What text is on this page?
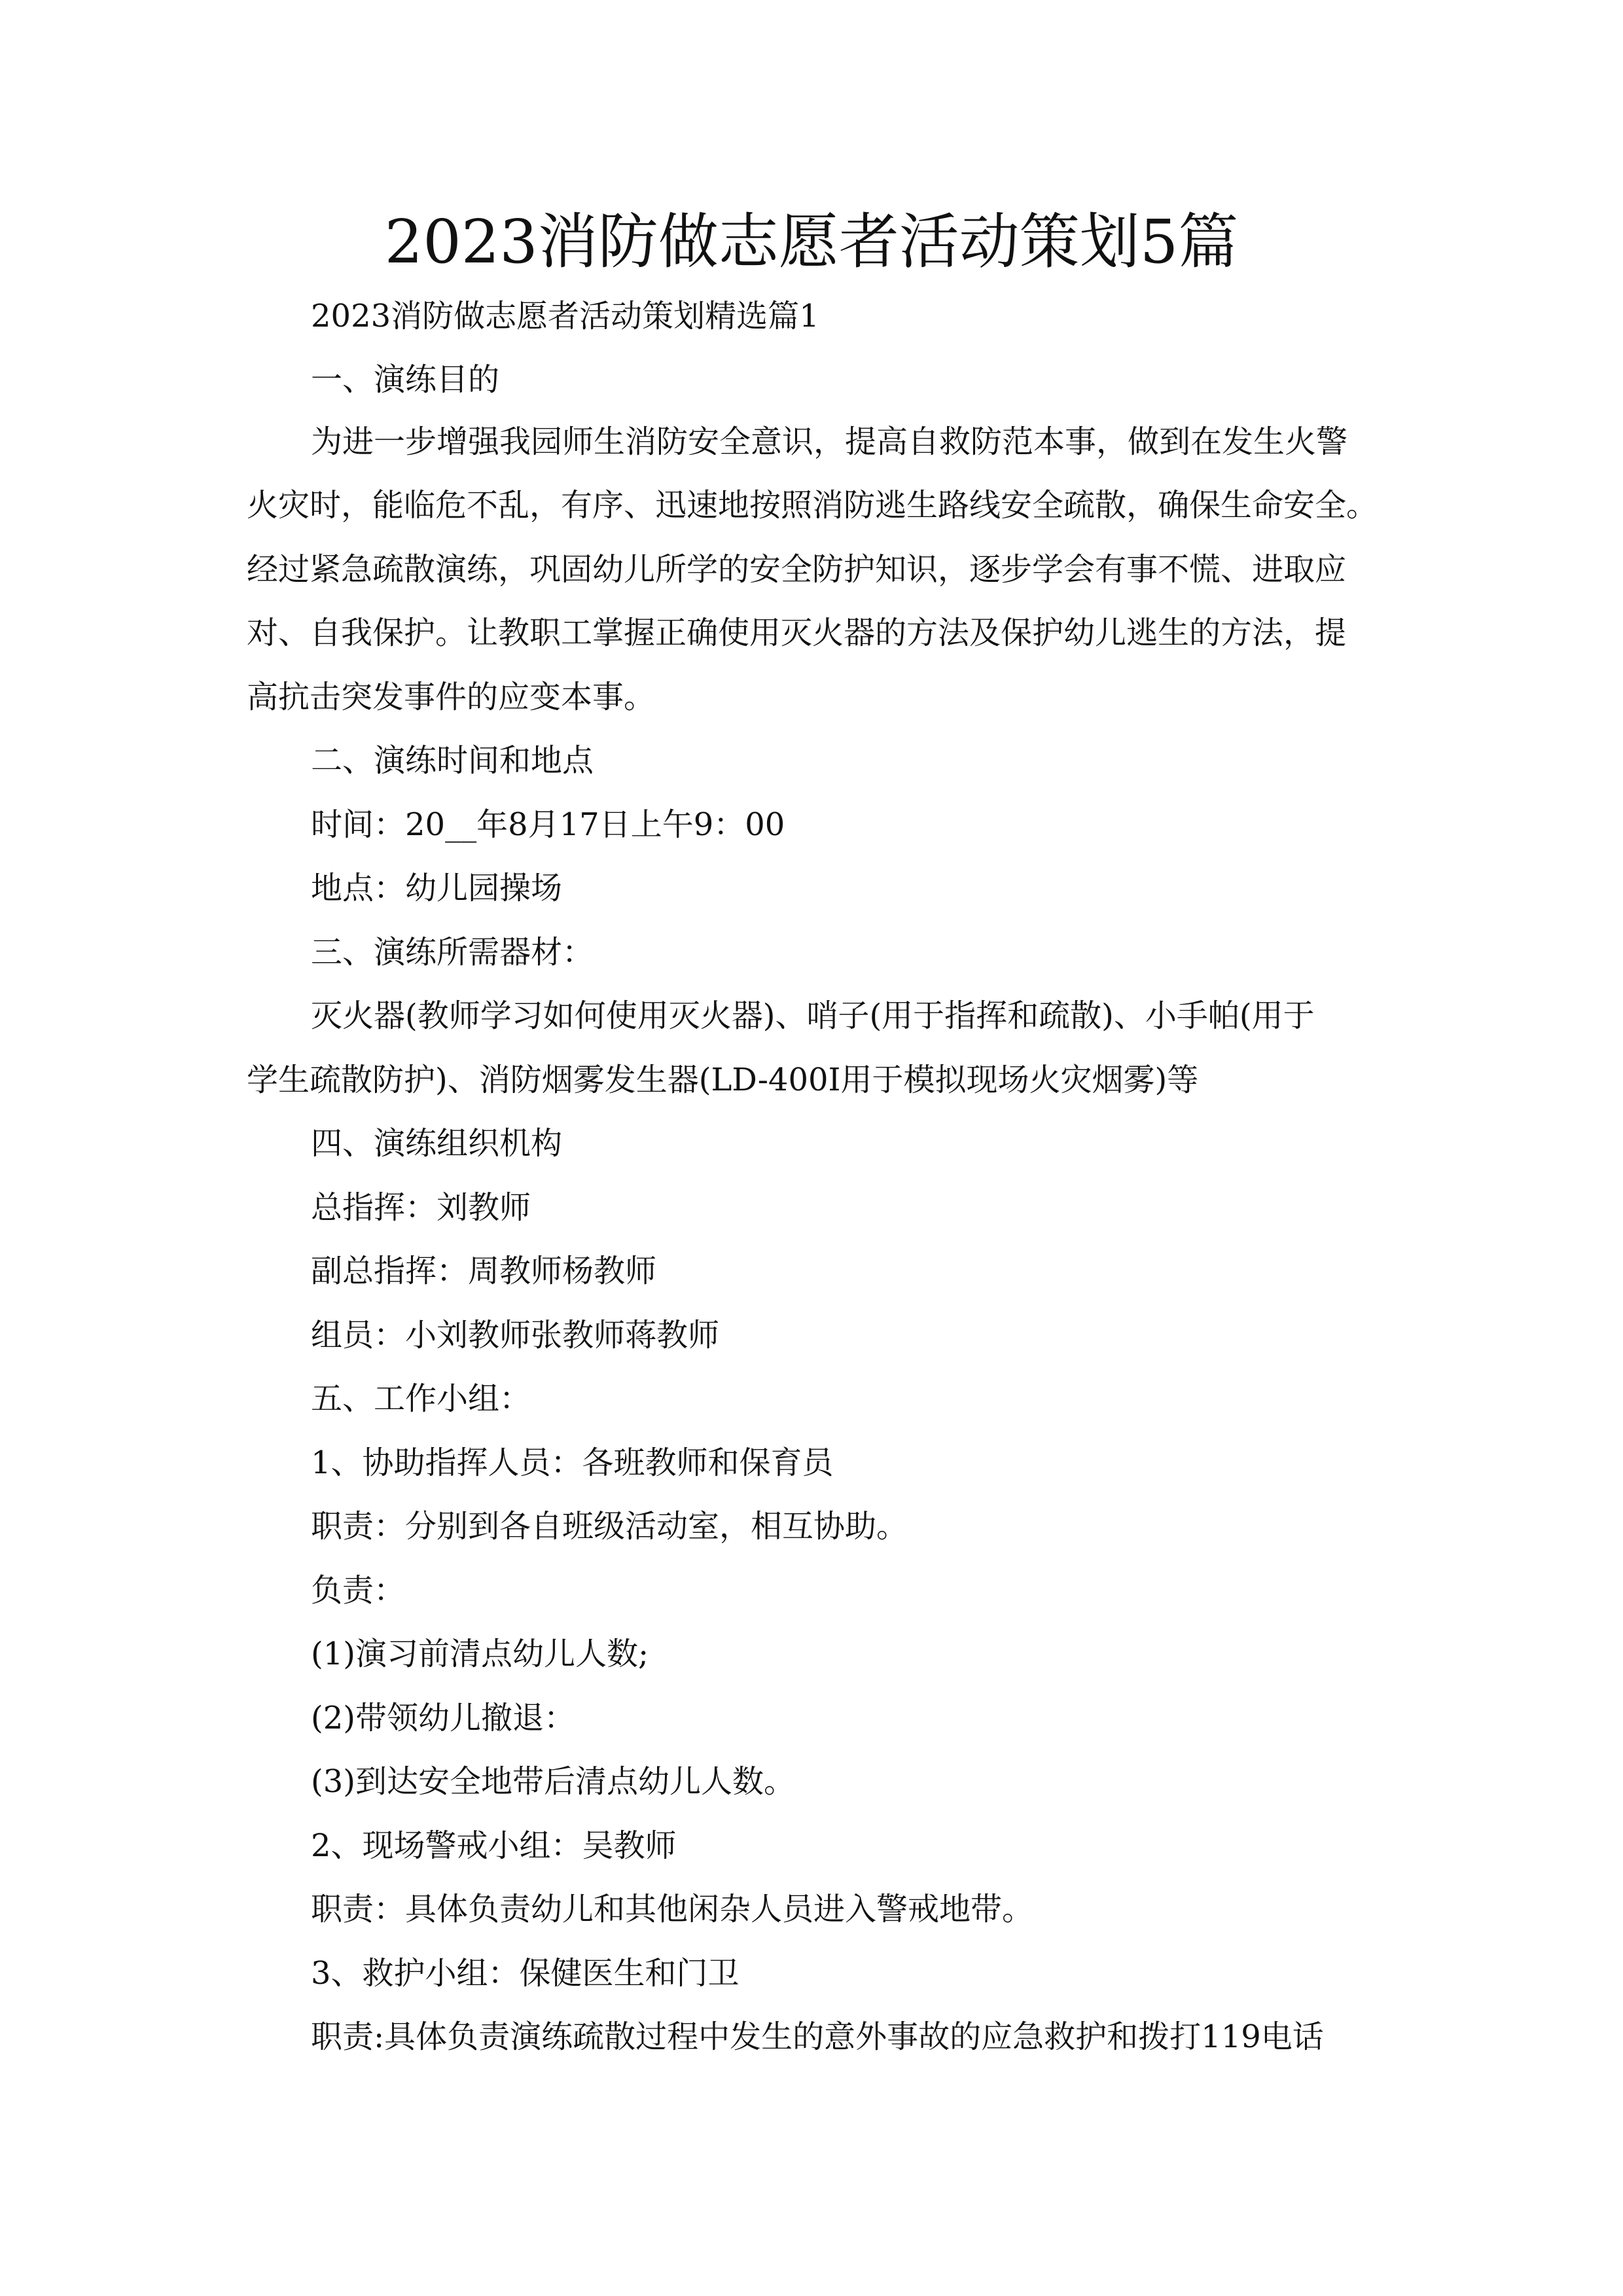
2023消防做志愿者活动策划5篇
2023消防做志愿者活动策划精选篇1
一、演练目的
为进一步增强我园师生消防安全意识，提高自救防范本事，做到在发生火警
火灾时，能临危不乱，有序、迅速地按照消防逃生路线安全疏散，确保生命安全。
经过紧急疏散演练，巩固幼儿所学的安全防护知识，逐步学会有事不慌、进取应
对、自我保护。让教职工掌握正确使用灭火器的方法及保护幼儿逃生的方法，提
高抗击突发事件的应变本事。
二、演练时间和地点
时间：20__年8月17日上午9：00
地点：幼儿园操场
三、演练所需器材：
灭火器(教师学习如何使用灭火器)、哨子(用于指挥和疏散)、小手帕(用于
学生疏散防护)、消防烟雾发生器(LD-400I用于模拟现场火灾烟雾)等
四、演练组织机构
总指挥：刘教师
副总指挥：周教师杨教师
组员：小刘教师张教师蒋教师
五、工作小组：
1、协助指挥人员：各班教师和保育员
职责：分别到各自班级活动室，相互协助。
负责：
(1)演习前清点幼儿人数;
(2)带领幼儿撤退：
(3)到达安全地带后清点幼儿人数。
2、现场警戒小组：吴教师
职责：具体负责幼儿和其他闲杂人员进入警戒地带。
3、救护小组：保健医生和门卫
职责:具体负责演练疏散过程中发生的意外事故的应急救护和拨打119电话
